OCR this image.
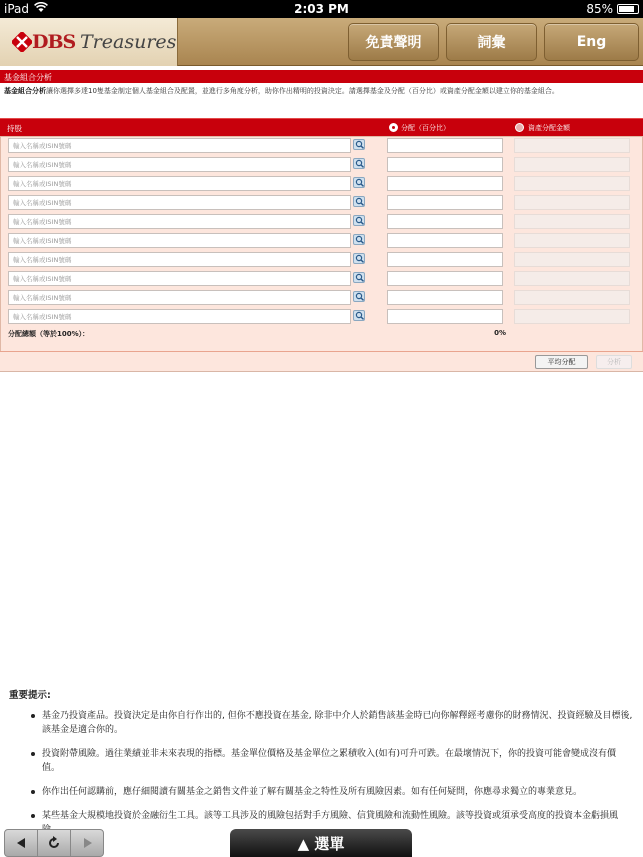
iPad	2:03 PM	85%
DBS Treasures	免責聲明	詞彙	Eng
基金組合分析
基金組合分析讓你選擇多達10隻基金制定個人基金組合及配置，並進行多角度分析，助你作出精明的投資決定。請選擇基金及分配（百分比）或資產分配金額以建立你的基金組合。
持股	分配（百分比）	資產分配金額
輸入名稱或ISIN號碼
輸入名稱或ISIN號碼
輸入名稱或ISIN號碼
輸入名稱或ISIN號碼
輸入名稱或ISIN號碼
輸入名稱或ISIN號碼
輸入名稱或ISIN號碼
輸入名稱或ISIN號碼
輸入名稱或ISIN號碼
輸入名稱或ISIN號碼
分配總額（等於100%）：	0%
平均分配	分析
重要提示:
基金乃投資產品。投資決定是由你自行作出的, 但你不應投資在基金, 除非中介人於銷售該基金時已向你解釋經考慮你的財務情況、投資經驗及目標後, 該基金是適合你的。
投資附帶風險。過往業績並非未來表現的指標。基金單位價格及基金單位之累積收入(如有)可升可跌。在最壞情況下，你的投資可能會變成沒有價值。
你作出任何認購前，應仔細閱讀有關基金之銷售文件並了解有關基金之特性及所有風險因素。如有任何疑問，你應尋求獨立的專業意見。
某些基金大規模地投資於金融衍生工具。該等工具涉及的風險包括對手方風險、信貸風險和流動性風險。該等投資或須承受高度的投資本金虧損風
▲ 選單
